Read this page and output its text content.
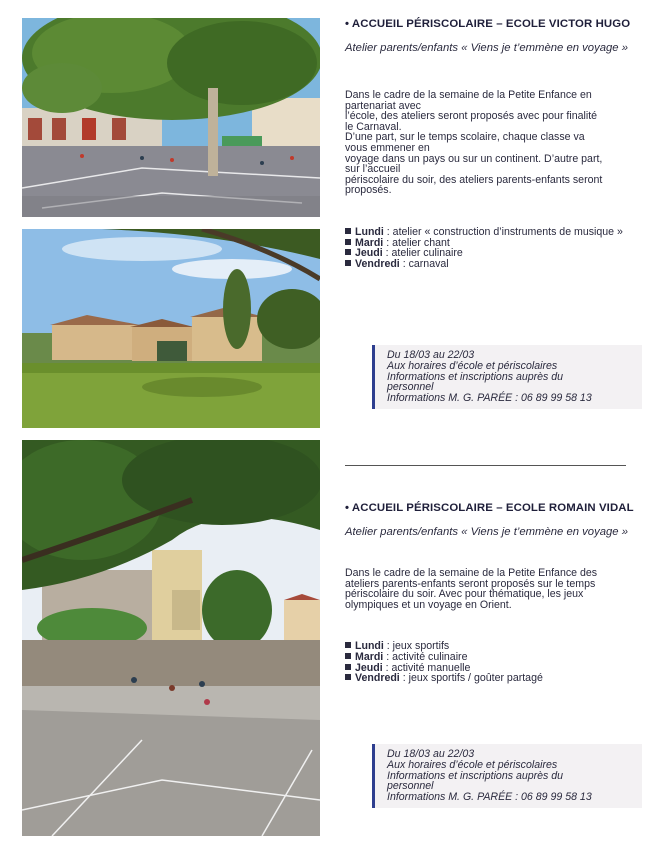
• ACCUEIL PÉRISCOLAIRE – ECOLE VICTOR HUGO

Atelier parents/enfants « Viens je t’emmène en voyage »

Dans le cadre de la semaine de la Petite Enfance en
partenariat avec
l’école, des ateliers seront proposés avec pour finalité
le Carnaval.
D’une part, sur le temps scolaire, chaque classe va
vous emmener en
voyage dans un pays ou sur un continent. D’autre part,
sur l’accueil
périscolaire du soir, des ateliers parents-enfants seront
proposés.
Lundi : atelier « construction d’instruments de musique »
Mardi : atelier chant
Jeudi : atelier culinaire
Vendredi : carnaval
Du 18/03 au 22/03
Aux horaires d’école et périscolaires
Informations et inscriptions auprès du
personnel
Informations M. G. PARÉE : 06 89 99 58 13

• ACCUEIL PÉRISCOLAIRE – ECOLE ROMAIN VIDAL

Atelier parents/enfants « Viens je t’emmène en voyage »

Dans le cadre de la semaine de la Petite Enfance des
ateliers parents-enfants seront proposés sur le temps
périscolaire du soir. Avec pour thématique, les jeux
olympiques et un voyage en Orient.
Lundi : jeux sportifs
Mardi : activité culinaire
Jeudi : activité manuelle
Vendredi : jeux sportifs / goûter partagé
Du 18/03 au 22/03
Aux horaires d’école et périscolaires
Informations et inscriptions auprès du
personnel
Informations M. G. PARÉE : 06 89 99 58 13
